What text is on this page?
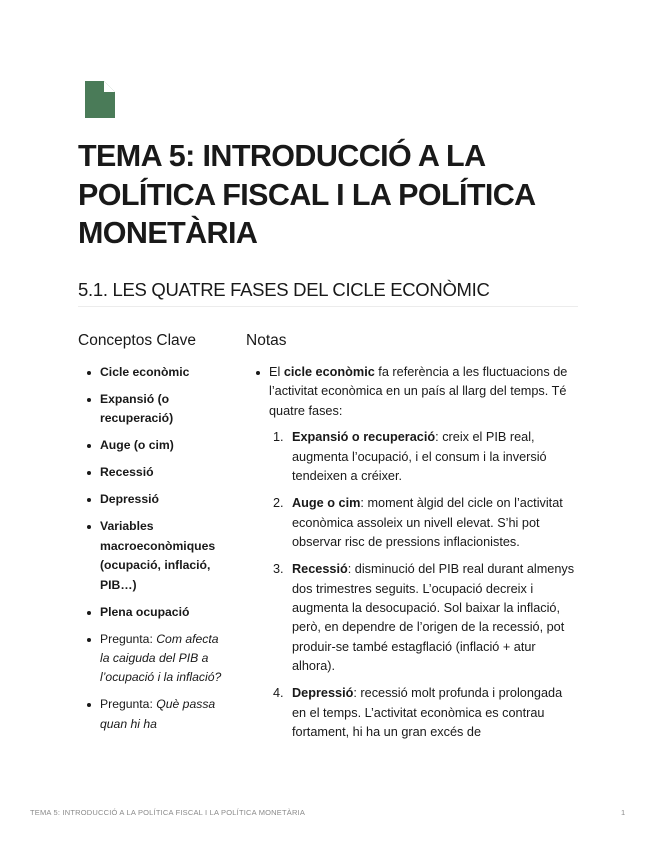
TEMA 5: INTRODUCCIÓ A LA POLÍTICA FISCAL I LA POLÍTICA MONETÀRIA
5.1. LES QUATRE FASES DEL CICLE ECONÒMIC
Conceptos Clave
Cicle econòmic
Expansió (o recuperació)
Auge (o cim)
Recessió
Depressió
Variables macroeconòmiques (ocupació, inflació, PIB…)
Plena ocupació
Pregunta: Com afecta la caiguda del PIB a l’ocupació i la inflació?
Pregunta: Què passa quan hi ha
Notas
El cicle econòmic fa referència a les fluctuacions de l’activitat econòmica en un país al llarg del temps. Té quatre fases:
1. Expansió o recuperació: creix el PIB real, augmenta l’ocupació, i el consum i la inversió tendeixen a créixer.
2. Auge o cim: moment àlgid del cicle on l’activitat econòmica assoleix un nivell elevat. S’hi pot observar risc de pressions inflacionistes.
3. Recessió: disminució del PIB real durant almenys dos trimestres seguits. L’ocupació decreix i augmenta la desocupació. Sol baixar la inflació, però, en dependre de l’origen de la recessió, pot produir-se també estagflació (inflació + atur alhora).
4. Depressió: recessió molt profunda i prolongada en el temps. L’activitat econòmica es contrau fortament, hi ha un gran excés de
TEMA 5: INTRODUCCIÓ A LA POLÍTICA FISCAL I LA POLÍTICA MONETÀRIA	1
